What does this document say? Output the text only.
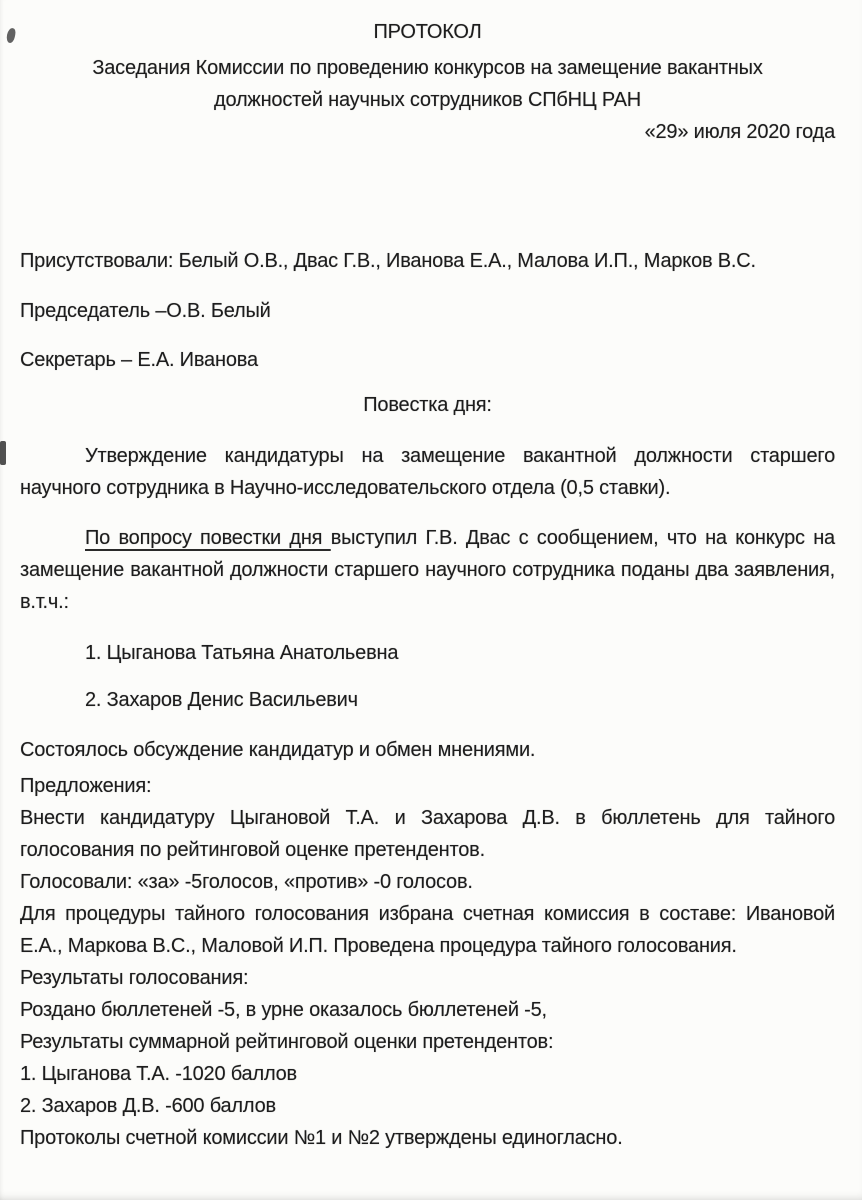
ПРОТОКОЛ

Заседания Комиссии по проведению конкурсов на замещение вакантных

должностей научных сотрудников СПбНЦ РАН

«29» июля 2020 года

Присутствовали: Белый О.В., Двас Г.В., Иванова Е.А., Малова И.П., Марков В.С.

Председатель –О.В. Белый

Секретарь – Е.А. Иванова

Повестка дня:

Утверждение кандидатуры на замещение вакантной должности старшего научного сотрудника в Научно-исследовательского отдела (0,5 ставки).

По вопросу повестки дня выступил Г.В. Двас с сообщением, что на конкурс на замещение вакантной должности старшего научного сотрудника поданы два заявления, в.т.ч.:

1. Цыганова Татьяна Анатольевна

2. Захаров Денис Васильевич

Состоялось обсуждение кандидатур и обмен мнениями.

Предложения:

Внести кандидатуру Цыгановой Т.А. и Захарова Д.В. в бюллетень для тайного голосования по рейтинговой оценке претендентов.

Голосовали: «за» -5голосов, «против» -0 голосов.

Для процедуры тайного голосования избрана счетная комиссия в составе: Ивановой Е.А., Маркова В.С., Маловой И.П. Проведена процедура тайного голосования.

Результаты голосования:

Роздано бюллетеней -5, в урне оказалось бюллетеней -5,

Результаты суммарной рейтинговой оценки претендентов:

1. Цыганова Т.А. -1020 баллов

2. Захаров Д.В. -600 баллов

Протоколы счетной комиссии №1 и №2 утверждены единогласно.
